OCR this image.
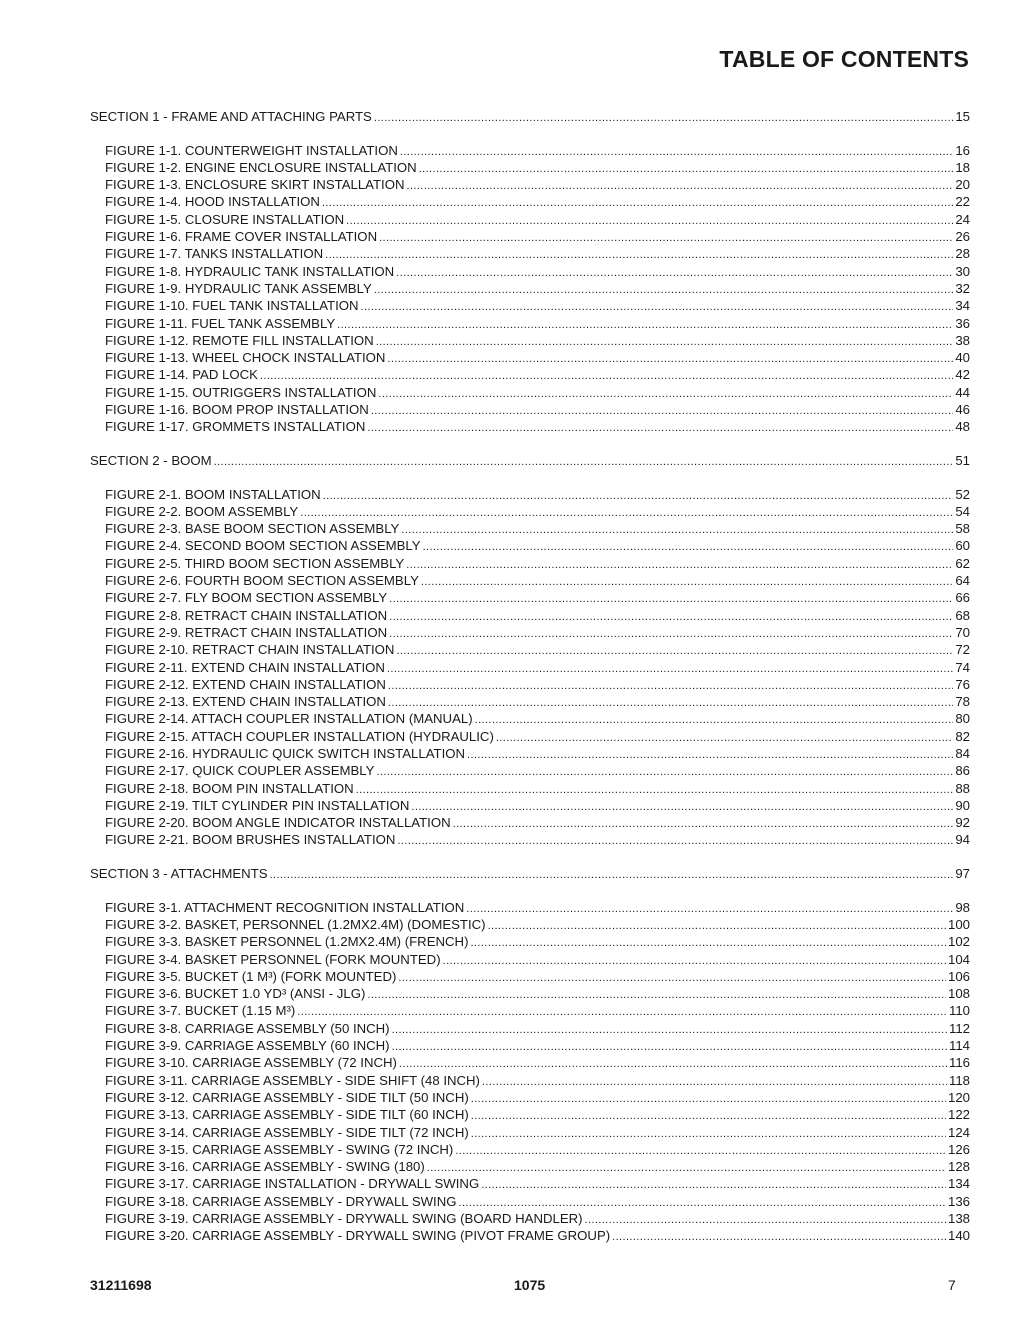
TABLE OF CONTENTS
SECTION 1 - FRAME AND ATTACHING PARTS .....	15
FIGURE 1-1. COUNTERWEIGHT INSTALLATION .....	16
FIGURE 1-2. ENGINE ENCLOSURE INSTALLATION .....	18
FIGURE 1-3. ENCLOSURE SKIRT INSTALLATION .....	20
FIGURE 1-4. HOOD INSTALLATION .....	22
FIGURE 1-5. CLOSURE INSTALLATION .....	24
FIGURE 1-6. FRAME COVER INSTALLATION .....	26
FIGURE 1-7. TANKS INSTALLATION .....	28
FIGURE 1-8. HYDRAULIC TANK INSTALLATION .....	30
FIGURE 1-9. HYDRAULIC TANK ASSEMBLY .....	32
FIGURE 1-10. FUEL TANK INSTALLATION .....	34
FIGURE 1-11. FUEL TANK ASSEMBLY .....	36
FIGURE 1-12. REMOTE FILL INSTALLATION .....	38
FIGURE 1-13. WHEEL CHOCK INSTALLATION .....	40
FIGURE 1-14. PAD LOCK .....	42
FIGURE 1-15. OUTRIGGERS INSTALLATION .....	44
FIGURE 1-16. BOOM PROP INSTALLATION .....	46
FIGURE 1-17. GROMMETS INSTALLATION .....	48
SECTION 2 - BOOM .....	51
FIGURE 2-1. BOOM INSTALLATION .....	52
FIGURE 2-2. BOOM ASSEMBLY .....	54
FIGURE 2-3. BASE BOOM SECTION ASSEMBLY .....	58
FIGURE 2-4. SECOND BOOM SECTION ASSEMBLY .....	60
FIGURE 2-5. THIRD BOOM SECTION ASSEMBLY .....	62
FIGURE 2-6. FOURTH BOOM SECTION ASSEMBLY .....	64
FIGURE 2-7. FLY BOOM SECTION ASSEMBLY .....	66
FIGURE 2-8. RETRACT CHAIN INSTALLATION .....	68
FIGURE 2-9. RETRACT CHAIN INSTALLATION .....	70
FIGURE 2-10. RETRACT CHAIN INSTALLATION .....	72
FIGURE 2-11. EXTEND CHAIN INSTALLATION .....	74
FIGURE 2-12. EXTEND CHAIN INSTALLATION .....	76
FIGURE 2-13. EXTEND CHAIN INSTALLATION .....	78
FIGURE 2-14. ATTACH COUPLER INSTALLATION (MANUAL) .....	80
FIGURE 2-15. ATTACH COUPLER INSTALLATION (HYDRAULIC) .....	82
FIGURE 2-16. HYDRAULIC QUICK SWITCH INSTALLATION .....	84
FIGURE 2-17. QUICK COUPLER ASSEMBLY .....	86
FIGURE 2-18. BOOM PIN INSTALLATION .....	88
FIGURE 2-19. TILT CYLINDER PIN INSTALLATION .....	90
FIGURE 2-20. BOOM ANGLE INDICATOR INSTALLATION .....	92
FIGURE 2-21. BOOM BRUSHES INSTALLATION .....	94
SECTION 3 - ATTACHMENTS .....	97
FIGURE 3-1. ATTACHMENT RECOGNITION INSTALLATION .....	98
FIGURE 3-2. BASKET, PERSONNEL (1.2MX2.4M) (DOMESTIC) .....	100
FIGURE 3-3. BASKET PERSONNEL (1.2MX2.4M) (FRENCH) .....	102
FIGURE 3-4. BASKET PERSONNEL (FORK MOUNTED) .....	104
FIGURE 3-5. BUCKET (1 M³) (FORK MOUNTED) .....	106
FIGURE 3-6. BUCKET 1.0 YD³ (ANSI - JLG) .....	108
FIGURE 3-7. BUCKET (1.15 M³) .....	110
FIGURE 3-8. CARRIAGE ASSEMBLY (50 INCH) .....	112
FIGURE 3-9. CARRIAGE ASSEMBLY (60 INCH) .....	114
FIGURE 3-10. CARRIAGE ASSEMBLY (72 INCH) .....	116
FIGURE 3-11. CARRIAGE ASSEMBLY - SIDE SHIFT (48 INCH) .....	118
FIGURE 3-12. CARRIAGE ASSEMBLY - SIDE TILT (50 INCH) .....	120
FIGURE 3-13. CARRIAGE ASSEMBLY - SIDE TILT (60 INCH) .....	122
FIGURE 3-14. CARRIAGE ASSEMBLY - SIDE TILT (72 INCH) .....	124
FIGURE 3-15. CARRIAGE ASSEMBLY - SWING (72 INCH) .....	126
FIGURE 3-16. CARRIAGE ASSEMBLY - SWING (180) .....	128
FIGURE 3-17. CARRIAGE INSTALLATION - DRYWALL SWING .....	134
FIGURE 3-18. CARRIAGE ASSEMBLY - DRYWALL SWING .....	136
FIGURE 3-19. CARRIAGE ASSEMBLY - DRYWALL SWING (BOARD HANDLER) .....	138
FIGURE 3-20. CARRIAGE ASSEMBLY - DRYWALL SWING (PIVOT FRAME GROUP) .....	140
31211698	1075	7
